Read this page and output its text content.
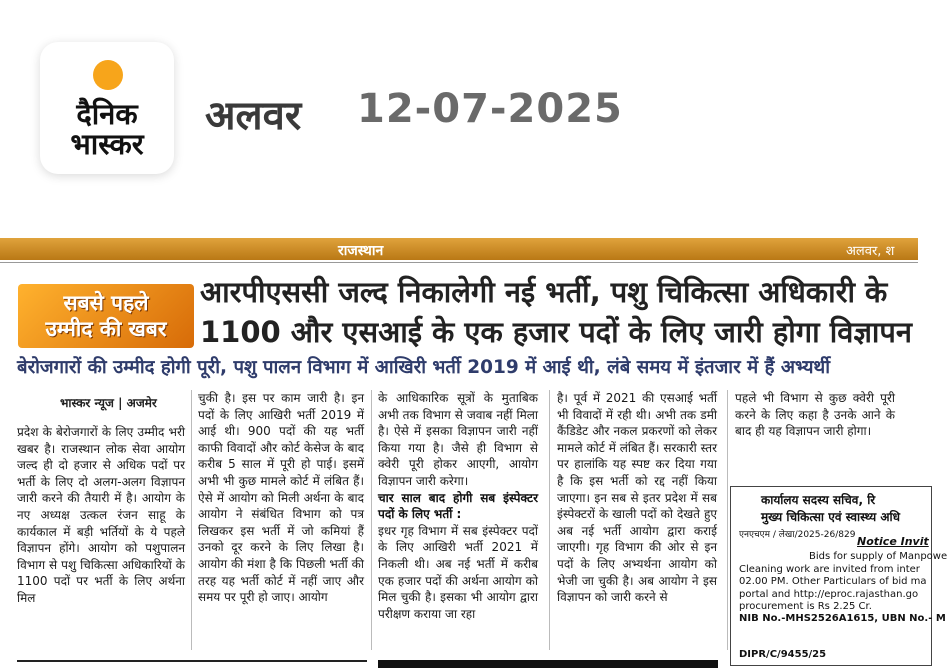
दैनिक
भास्कर
अलवर 12-07-2025
राजस्थान	अलवर, श
सबसे पहले
उम्मीद की खबर
आरपीएससी जल्द निकालेगी नई भर्ती, पशु चिकित्सा अधिकारी के
1100 और एसआई के एक हजार पदों के लिए जारी होगा विज्ञापन
बेरोजगारों की उम्मीद होगी पूरी, पशु पालन विभाग में आखिरी भर्ती 2019 में आई थी, लंबे समय में इंतजार में हैं अभ्यर्थी
भास्कर न्यूज | अजमेर
प्रदेश के बेरोजगारों के लिए उम्मीद भरी खबर है। राजस्थान लोक सेवा आयोग जल्द ही दो हजार से अधिक पदों पर भर्ती के लिए दो अलग-अलग विज्ञापन जारी करने की तैयारी में है। आयोग के नए अध्यक्ष उत्कल रंजन साहू के कार्यकाल में बड़ी भर्तियों के ये पहले विज्ञापन होंगे। आयोग को पशुपालन विभाग से पशु चिकित्सा अधिकारियों के 1100 पदों पर भर्ती के लिए अर्थना मिल
चुकी है। इस पर काम जारी है। इन पदों के लिए आखिरी भर्ती 2019 में आई थी। 900 पदों की यह भर्ती काफी विवादों और कोर्ट केसेज के बाद करीब 5 साल में पूरी हो पाई। इसमें अभी भी कुछ मामले कोर्ट में लंबित हैं। ऐसे में आयोग को मिली अर्थना के बाद आयोग ने संबंधित विभाग को पत्र लिखकर इस भर्ती में जो कमियां हैं उनको दूर करने के लिए लिखा है। आयोग की मंशा है कि पिछली भर्ती की तरह यह भर्ती कोर्ट में नहीं जाए और समय पर पूरी हो जाए। आयोग
के आधिकारिक सूत्रों के मुताबिक अभी तक विभाग से जवाब नहीं मिला है। ऐसे में इसका विज्ञापन जारी नहीं किया गया है। जैसे ही विभाग से क्वेरी पूरी होकर आएगी, आयोग विज्ञापन जारी करेगा।
चार साल बाद होगी सब इंस्पेक्टर पदों के लिए भर्ती :
इधर गृह विभाग में सब इंस्पेक्टर पदों के लिए आखिरी भर्ती 2021 में निकली थी। अब नई भर्ती में करीब एक हजार पदों की अर्थना आयोग को मिल चुकी है। इसका भी आयोग द्वारा परीक्षण कराया जा रहा
है। पूर्व में 2021 की एसआई भर्ती भी विवादों में रही थी। अभी तक डमी कैंडिडेट और नकल प्रकरणों को लेकर मामले कोर्ट में लंबित हैं। सरकारी स्तर पर हालांकि यह स्पष्ट कर दिया गया है कि इस भर्ती को रद्द नहीं किया जाएगा। इन सब से इतर प्रदेश में सब इंस्पेक्टरों के खाली पदों को देखते हुए अब नई भर्ती आयोग द्वारा कराई जाएगी। गृह विभाग की ओर से इन पदों के लिए अभ्यर्थना आयोग को भेजी जा चुकी है। अब आयोग ने इस विज्ञापन को जारी करने से
पहले भी विभाग से कुछ क्वेरी पूरी करने के लिए कहा है उनके आने के बाद ही यह विज्ञापन जारी होगा।
कार्यालय सदस्य सचिव, रि
मुख्य चिकित्सा एवं स्वास्थ्य अधि
एनएचएम / लेखा/2025-26/829 Notice Invit
Bids for supply of Manpowe
Cleaning work are invited from inter
02.00 PM. Other Particulars of bid ma
portal and http://eproc.rajasthan.go
procurement is Rs 2.25 Cr.
NIB No.-MHS2526A1615, UBN No.- M
DIPR/C/9455/25
